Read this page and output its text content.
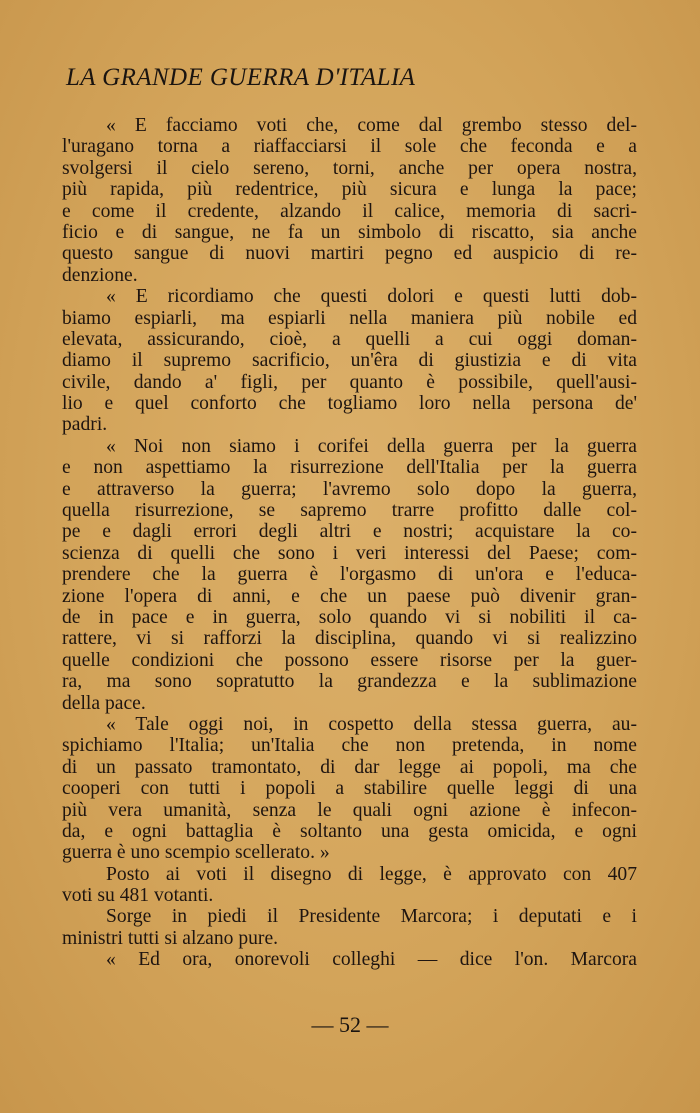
LA GRANDE GUERRA D'ITALIA
« E facciamo voti che, come dal grembo stesso del-
l'uragano torna a riaffacciarsi il sole che feconda e a
svolgersi il cielo sereno, torni, anche per opera nostra,
più rapida, più redentrice, più sicura e lunga la pace;
e come il credente, alzando il calice, memoria di sacri-
ficio e di sangue, ne fa un simbolo di riscatto, sia anche
questo sangue di nuovi martiri pegno ed auspicio di re-
denzione.
« E ricordiamo che questi dolori e questi lutti dob-
biamo espiarli, ma espiarli nella maniera più nobile ed
elevata, assicurando, cioè, a quelli a cui oggi doman-
diamo il supremo sacrificio, un'êra di giustizia e di vita
civile, dando a' figli, per quanto è possibile, quell'ausi-
lio e quel conforto che togliamo loro nella persona de'
padri.
« Noi non siamo i corifei della guerra per la guerra
e non aspettiamo la risurrezione dell'Italia per la guerra
e attraverso la guerra; l'avremo solo dopo la guerra,
quella risurrezione, se sapremo trarre profitto dalle col-
pe e dagli errori degli altri e nostri; acquistare la co-
scienza di quelli che sono i veri interessi del Paese; com-
prendere che la guerra è l'orgasmo di un'ora e l'educa-
zione l'opera di anni, e che un paese può divenir gran-
de in pace e in guerra, solo quando vi si nobiliti il ca-
rattere, vi si rafforzi la disciplina, quando vi si realizzino
quelle condizioni che possono essere risorse per la guer-
ra, ma sono sopratutto la grandezza e la sublimazione
della pace.
« Tale oggi noi, in cospetto della stessa guerra, au-
spichiamo l'Italia; un'Italia che non pretenda, in nome
di un passato tramontato, di dar legge ai popoli, ma che
cooperi con tutti i popoli a stabilire quelle leggi di una
più vera umanità, senza le quali ogni azione è infecon-
da, e ogni battaglia è soltanto una gesta omicida, e ogni
guerra è uno scempio scellerato. »
Posto ai voti il disegno di legge, è approvato con 407
voti su 481 votanti.
Sorge in piedi il Presidente Marcora; i deputati e i
ministri tutti si alzano pure.
« Ed ora, onorevoli colleghi — dice l'on. Marcora
— 52 —
